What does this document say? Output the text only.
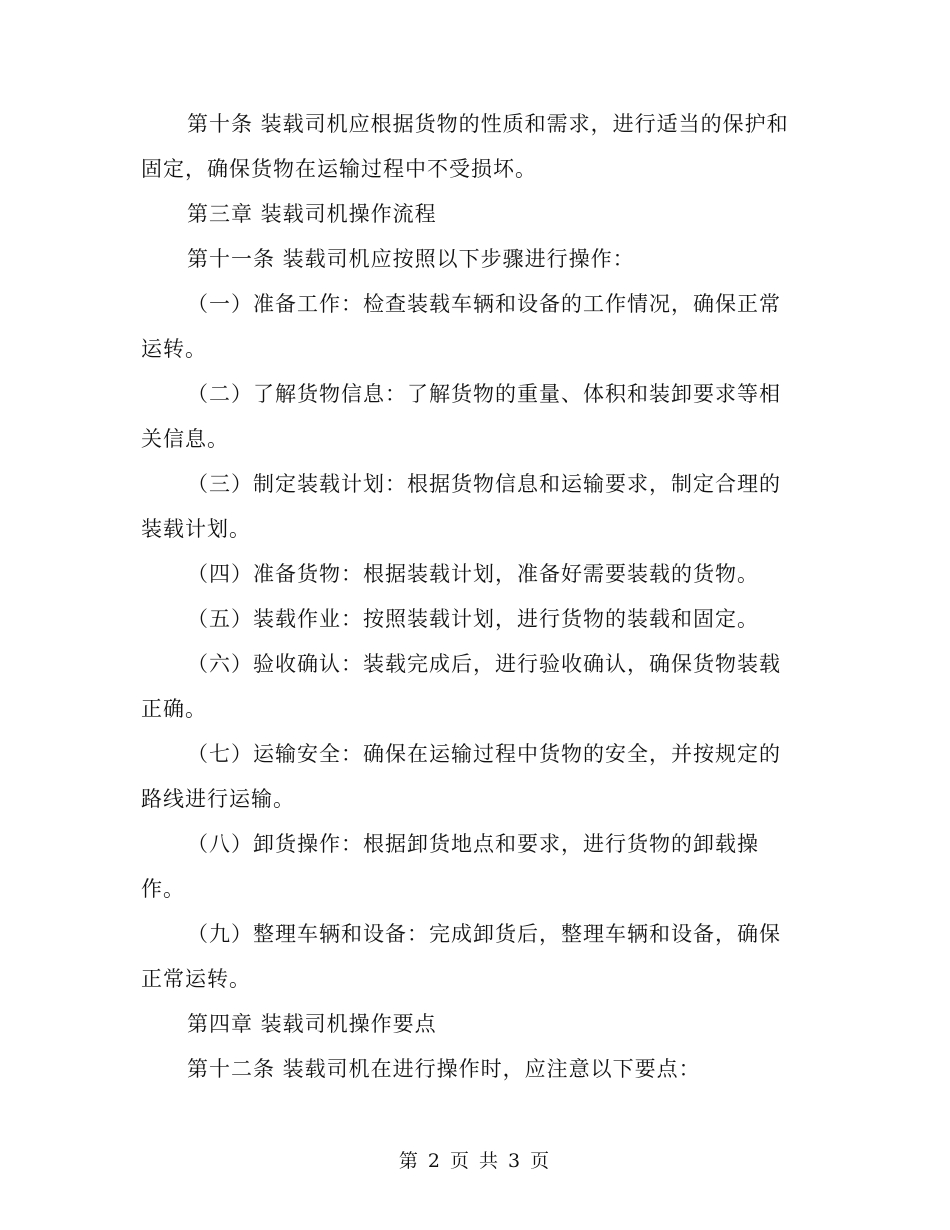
第十条 装载司机应根据货物的性质和需求，进行适当的保护和固定，确保货物在运输过程中不受损坏。

第三章 装载司机操作流程

第十一条 装载司机应按照以下步骤进行操作：

（一）准备工作：检查装载车辆和设备的工作情况，确保正常运转。

（二）了解货物信息：了解货物的重量、体积和装卸要求等相关信息。

（三）制定装载计划：根据货物信息和运输要求，制定合理的装载计划。

（四）准备货物：根据装载计划，准备好需要装载的货物。

（五）装载作业：按照装载计划，进行货物的装载和固定。

（六）验收确认：装载完成后，进行验收确认，确保货物装载正确。

（七）运输安全：确保在运输过程中货物的安全，并按规定的路线进行运输。

（八）卸货操作：根据卸货地点和要求，进行货物的卸载操作。

（九）整理车辆和设备：完成卸货后，整理车辆和设备，确保正常运转。

第四章 装载司机操作要点

第十二条 装载司机在进行操作时，应注意以下要点：

第 2 页 共 3 页
